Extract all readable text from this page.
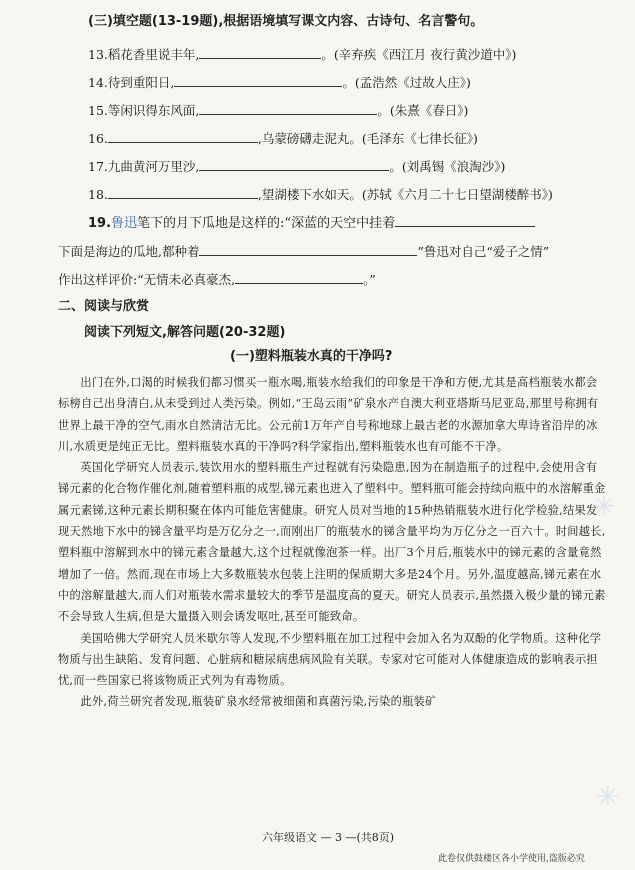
(三)填空题(13-19题),根据语境填写课文内容、古诗句、名言警句。
13.稻花香里说丰年,	。(辛弃疾《西江月 夜行黄沙道中》)
14.待到重阳日,	。(孟浩然《过故人庄》)
15.等闲识得东风面,	。(朱熹《春日》)
16.	,乌蒙磅礴走泥丸。(毛泽东《七律长征》)
17.九曲黄河万里沙,	。(刘禹锡《浪淘沙》)
18.	,望湖楼下水如天。(苏轼《六月二十七日望湖楼醉书》)
19.鲁迅笔下的月下瓜地是这样的:“深蓝的天空中挂着
下面是海边的瓜地,都种着	”鲁迅对自己“爱子之情”
作出这样评价:“无情未必真豪杰,	。”
二、阅读与欣赏
阅读下列短文,解答问题(20-32题)
(一)塑料瓶装水真的干净吗?

出门在外,口渴的时候我们都习惯买一瓶水喝,瓶装水给我们的印象是干净和方便,尤其是高档瓶装水都会标榜自己出身清白,从未受到过人类污染。例如,“王岛云雨”矿泉水产自澳大利亚塔斯马尼亚岛,那里号称拥有世界上最干净的空气,雨水自然清洁无比。公元前1万年产自号称地球上最古老的水源加拿大卑诗省沿岸的冰川,水质更是纯正无比。塑料瓶装水真的干净吗?科学家指出,塑料瓶装水也有可能不干净。

英国化学研究人员表示,装饮用水的塑料瓶生产过程就有污染隐患,因为在制造瓶子的过程中,会使用含有锑元素的化合物作催化剂,随着塑料瓶的成型,锑元素也进入了塑料中。塑料瓶可能会持续向瓶中的水溶解重金属元素锑,这种元素长期积聚在体内可能危害健康。研究人员对当地的15种热销瓶装水进行化学检验,结果发现天然地下水中的锑含量平均是万亿分之一,而刚出厂的瓶装水的锑含量平均为万亿分之一百六十。时间越长,塑料瓶中溶解到水中的锑元素含量越大,这个过程就像泡茶一样。出厂3个月后,瓶装水中的锑元素的含量竟然增加了一倍。然而,现在市场上大多数瓶装水包装上注明的保质期大多是24个月。另外,温度越高,锑元素在水中的溶解量越大,而人们对瓶装水需求量较大的季节是温度高的夏天。研究人员表示,虽然摄入极少量的锑元素不会导致人生病,但是大量摄入则会诱发呕吐,甚至可能致命。

美国哈佛大学研究人员米歇尔等人发现,不少塑料瓶在加工过程中会加入名为双酚的化学物质。这种化学物质与出生缺陷、发育问题、心脏病和糖尿病患病风险有关联。专家对它可能对人体健康造成的影响表示担忧,而一些国家已将该物质正式列为有毒物质。

此外,荷兰研究者发现,瓶装矿泉水经常被细菌和真菌污染,污染的瓶装矿

六年级语文 — 3 —(共8页)
此卷仅供鼓楼区各小学使用,盗版必究
✳
✳
